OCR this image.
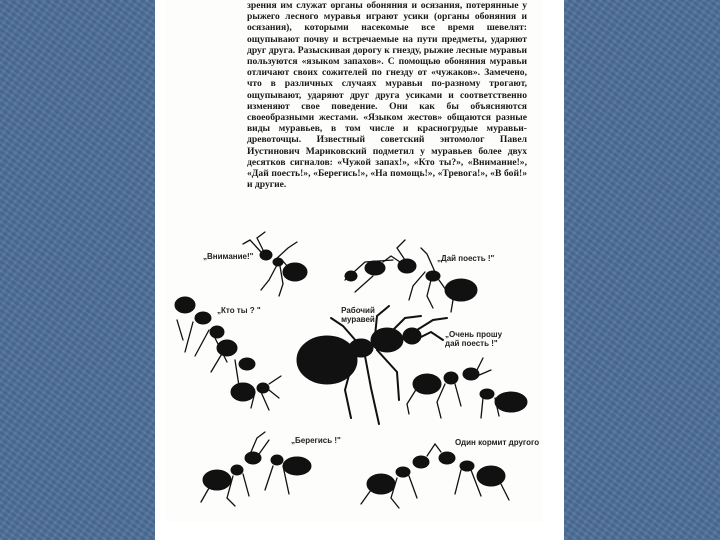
зрения им служат органы обоняния и осязания, потерянные у рыжего лесного муравья играют усики (органы обоняния и осязания), которыми насекомые все время шевелят: ощупывают почву и встречаемые на пути предметы, ударяют друг друга. Разыскивая дорогу к гнезду, рыжие лесные муравьи пользуются «языком запахов». С помощью обоняния муравьи отличают своих сожителей по гнезду от «чужаков». Замечено, что в различных случаях муравьи по-разному трогают, ощупывают, ударяют друг друга усиками и соответственно изменяют свое поведение. Они как бы объясняются своеобразными жестами. «Языком жестов» общаются разные виды муравьев, в том числе и красногрудые муравьи-древоточцы. Известный советский энтомолог Павел Иустинович Мариковский подметил у муравьев более двух десятков сигналов: «Чужой запах!», «Кто ты?», «Внимание!», «Дай поесть!», «Берегись!», «На помощь!», «Тревога!», «В бой!» и другие.

„Внимание!"	„Дай поесть !"
„Кто ты ? "	Рабочий
муравей
„Очень прошу
дай поесть !"
„Берегись !"	Один кормит другого
